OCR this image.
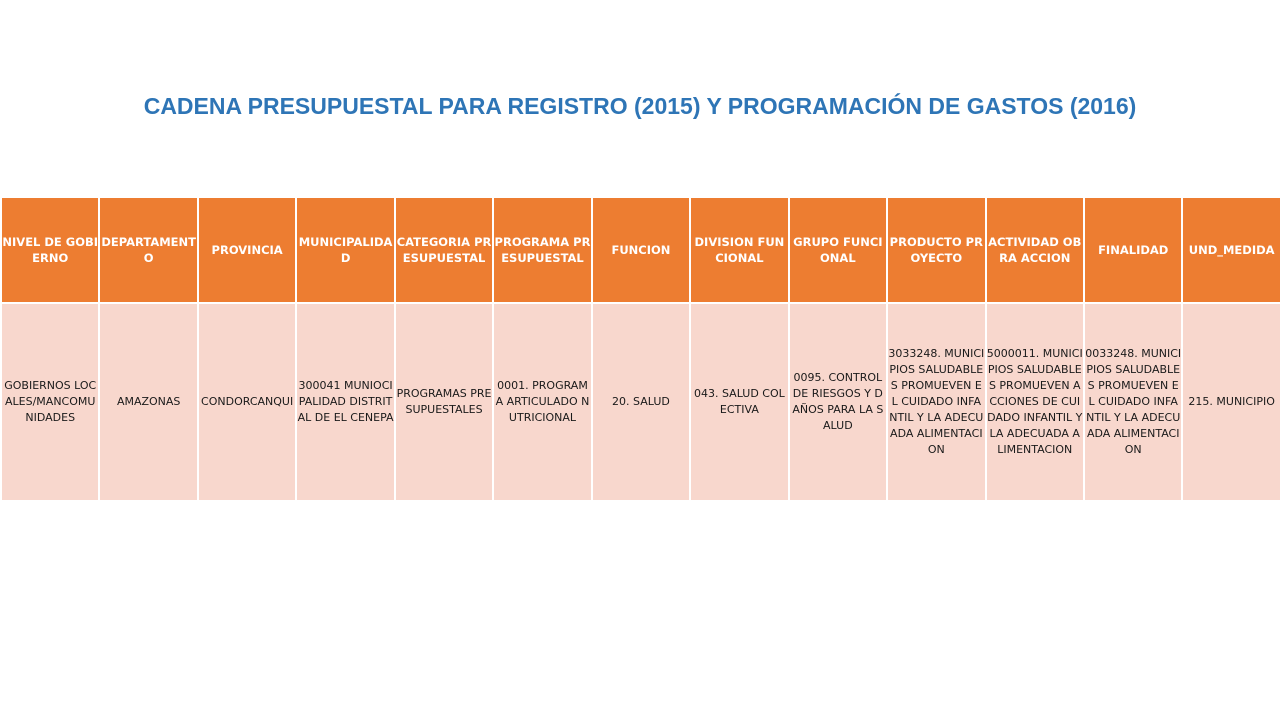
CADENA PRESUPUESTAL PARA REGISTRO (2015) Y PROGRAMACIÓN DE GASTOS (2016)
NIVEL DE GOBIERNO	DEPARTAMENTO	PROVINCIA	MUNICIPALIDAD	CATEGORIA PRESUPUESTAL	PROGRAMA PRESUPUESTAL	FUNCION	DIVISION FUNCIONAL	GRUPO FUNCIONAL	PRODUCTO PROYECTO	ACTIVIDAD OBRA ACCION	FINALIDAD	UND_MEDIDA
GOBIERNOS LOCALES/MANCOMUNIDADES	AMAZONAS	CONDORCANQUI	300041 MUNIOCIPALIDAD DISTRITAL DE EL CENEPA	PROGRAMAS PRESUPUESTALES	0001. PROGRAMA ARTICULADO NUTRICIONAL	20. SALUD	043. SALUD COLECTIVA	0095. CONTROL DE RIESGOS Y DAÑOS PARA LA SALUD	3033248. MUNICIPIOS SALUDABLES PROMUEVEN EL CUIDADO INFANTIL Y LA ADECUADA ALIMENTACION	5000011. MUNICIPIOS SALUDABLES PROMUEVEN ACCIONES DE CUIDADO INFANTIL Y LA ADECUADA ALIMENTACION	0033248. MUNICIPIOS SALUDABLES PROMUEVEN EL CUIDADO INFANTIL Y LA ADECUADA ALIMENTACION	215. MUNICIPIO
